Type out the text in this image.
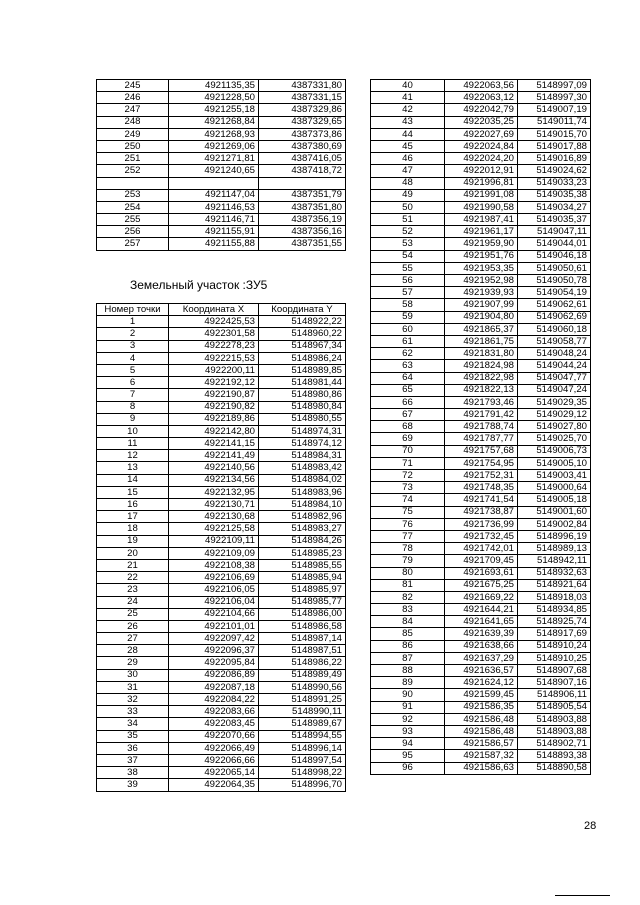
245	4921135,35	4387331,80
246	4921228,50	4387331,15
247	4921255,18	4387329,86
248	4921268,84	4387329,65
249	4921268,93	4387373,86
250	4921269,06	4387380,69
251	4921271,81	4387416,05
252	4921240,65	4387418,72

253	4921147,04	4387351,79
254	4921146,53	4387351,80
255	4921146,71	4387356,19
256	4921155,91	4387356,16
257	4921155,88	4387351,55
Земельный участок :ЗУ5
Номер точки	Координата X	Координата Y
1	4922425,53	5148922,22
2	4922301,58	5148960,22
3	4922278,23	5148967,34
4	4922215,53	5148986,24
5	4922200,11	5148989,85
6	4922192,12	5148981,44
7	4922190,87	5148980,86
8	4922190,82	5148980,84
9	4922189,86	5148980,55
10	4922142,80	5148974,31
11	4922141,15	5148974,12
12	4922141,49	5148984,31
13	4922140,56	5148983,42
14	4922134,56	5148984,02
15	4922132,95	5148983,96
16	4922130,71	5148984,10
17	4922130,68	5148982,96
18	4922125,58	5148983,27
19	4922109,11	5148984,26
20	4922109,09	5148985,23
21	4922108,38	5148985,55
22	4922106,69	5148985,94
23	4922106,05	5148985,97
24	4922106,04	5148985,77
25	4922104,66	5148986,00
26	4922101,01	5148986,58
27	4922097,42	5148987,14
28	4922096,37	5148987,51
29	4922095,84	5148986,22
30	4922086,89	5148989,49
31	4922087,18	5148990,56
32	4922084,22	5148991,25
33	4922083,66	5148990,11
34	4922083,45	5148989,67
35	4922070,66	5148994,55
36	4922066,49	5148996,14
37	4922066,66	5148997,54
38	4922065,14	5148998,22
39	4922064,35	5148996,70
40	4922063,56	5148997,09
41	4922063,12	5148997,30
42	4922042,79	5149007,19
43	4922035,25	5149011,74
44	4922027,69	5149015,70
45	4922024,84	5149017,88
46	4922024,20	5149016,89
47	4922012,91	5149024,62
48	4921996,81	5149033,23
49	4921991,08	5149035,38
50	4921990,58	5149034,27
51	4921987,41	5149035,37
52	4921961,17	5149047,11
53	4921959,90	5149044,01
54	4921951,76	5149046,18
55	4921953,35	5149050,61
56	4921952,98	5149050,78
57	4921939,93	5149054,19
58	4921907,99	5149062,61
59	4921904,80	5149062,69
60	4921865,37	5149060,18
61	4921861,75	5149058,77
62	4921831,80	5149048,24
63	4921824,98	5149044,24
64	4921822,98	5149047,77
65	4921822,13	5149047,24
66	4921793,46	5149029,35
67	4921791,42	5149029,12
68	4921788,74	5149027,80
69	4921787,77	5149025,70
70	4921757,68	5149006,73
71	4921754,95	5149005,10
72	4921752,31	5149003,41
73	4921748,35	5149000,64
74	4921741,54	5149005,18
75	4921738,87	5149001,60
76	4921736,99	5149002,84
77	4921732,45	5148996,19
78	4921742,01	5148989,13
79	4921709,45	5148942,11
80	4921693,61	5148932,63
81	4921675,25	5148921,64
82	4921669,22	5148918,03
83	4921644,21	5148934,85
84	4921641,65	5148925,74
85	4921639,39	5148917,69
86	4921638,66	5148910,24
87	4921637,29	5148910,25
88	4921636,57	5148907,68
89	4921624,12	5148907,16
90	4921599,45	5148906,11
91	4921586,35	5148905,54
92	4921586,48	5148903,88
93	4921586,48	5148903,88
94	4921586,57	5148902,71
95	4921587,32	5148893,38
96	4921586,63	5148890,58
28
